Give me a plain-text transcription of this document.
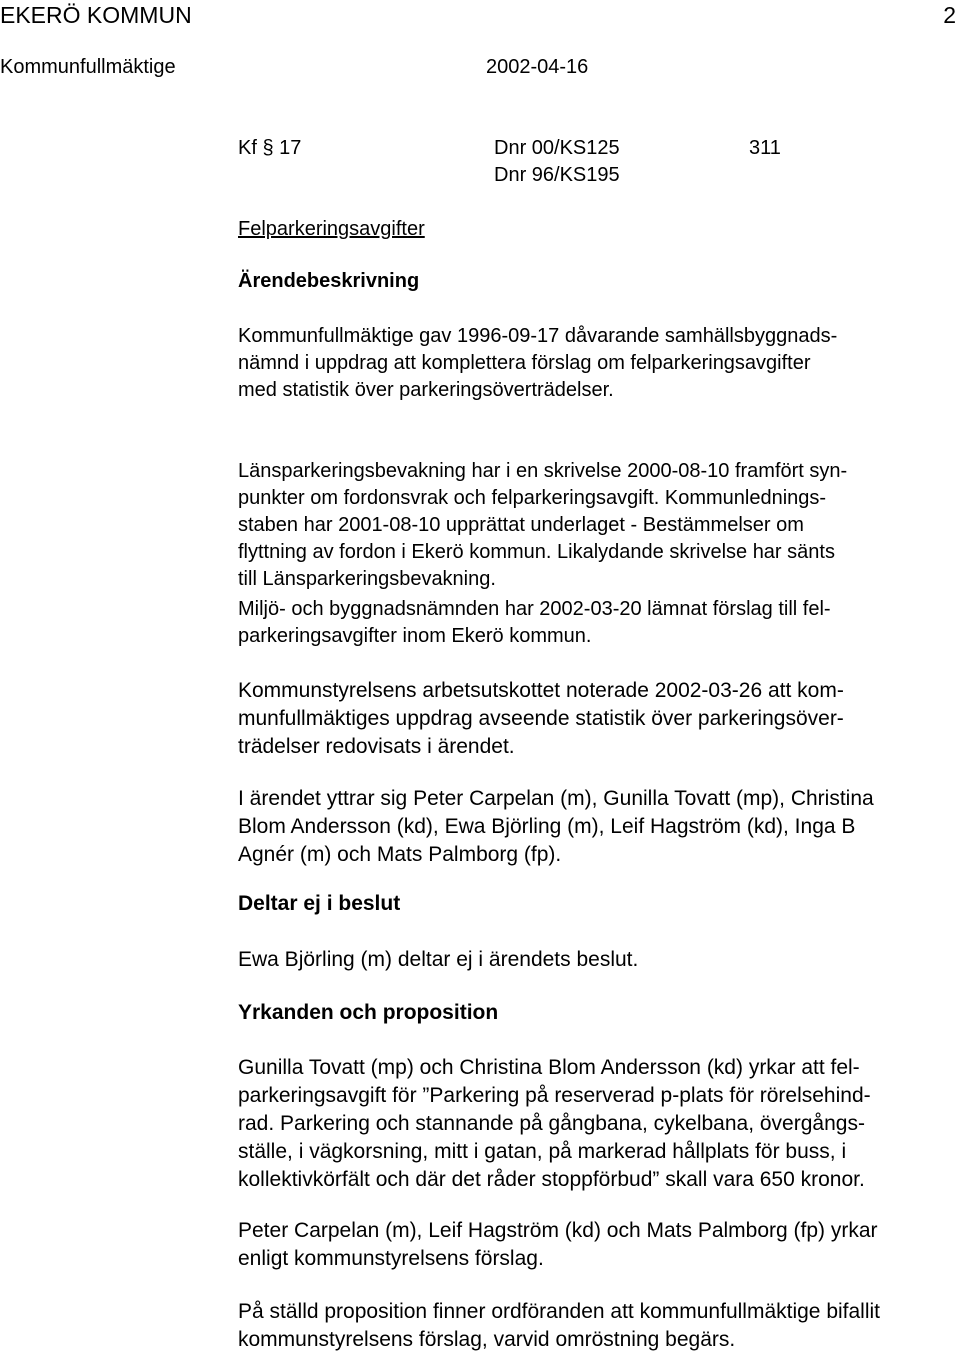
EKERÖ KOMMUN	2
Kommunfullmäktige	2002-04-16
Kf § 17	Dnr 00/KS125
Dnr 96/KS195
311
Felparkeringsavgifter
Ärendebeskrivning
Kommunfullmäktige gav 1996-09-17 dåvarande samhällsbyggnads-
nämnd i uppdrag att komplettera förslag om felparkeringsavgifter
med statistik över parkeringsöverträdelser.
Länsparkeringsbevakning har i en skrivelse 2000-08-10 framfört syn-
punkter om fordonsvrak och felparkeringsavgift. Kommunlednings-
staben har 2001-08-10 upprättat underlaget - Bestämmelser om
flyttning av fordon i Ekerö kommun. Likalydande skrivelse har sänts
till Länsparkeringsbevakning.
Miljö- och byggnadsnämnden har 2002-03-20 lämnat förslag till fel-
parkeringsavgifter inom Ekerö kommun.
Kommunstyrelsens arbetsutskottet noterade 2002-03-26 att kom-
munfullmäktiges uppdrag avseende statistik över parkeringsöver-
trädelser redovisats i ärendet.
I ärendet yttrar sig Peter Carpelan (m), Gunilla Tovatt (mp), Christina
Blom Andersson (kd), Ewa Björling (m), Leif Hagström (kd), Inga B
Agnér (m) och Mats Palmborg (fp).
Deltar ej i beslut
Ewa Björling (m) deltar ej i ärendets beslut.
Yrkanden och proposition
Gunilla Tovatt (mp) och Christina Blom Andersson (kd) yrkar att fel-
parkeringsavgift för ”Parkering på reserverad p-plats för rörelsehind-
rad. Parkering och stannande på gångbana, cykelbana, övergångs-
ställe, i vägkorsning, mitt i gatan, på markerad hållplats för buss, i
kollektivkörfält och där det råder stoppförbud” skall vara 650 kronor.
Peter Carpelan (m), Leif Hagström (kd) och Mats Palmborg (fp) yrkar
enligt kommunstyrelsens förslag.
På ställd proposition finner ordföranden att kommunfullmäktige bifallit
kommunstyrelsens förslag, varvid omröstning begärs.
